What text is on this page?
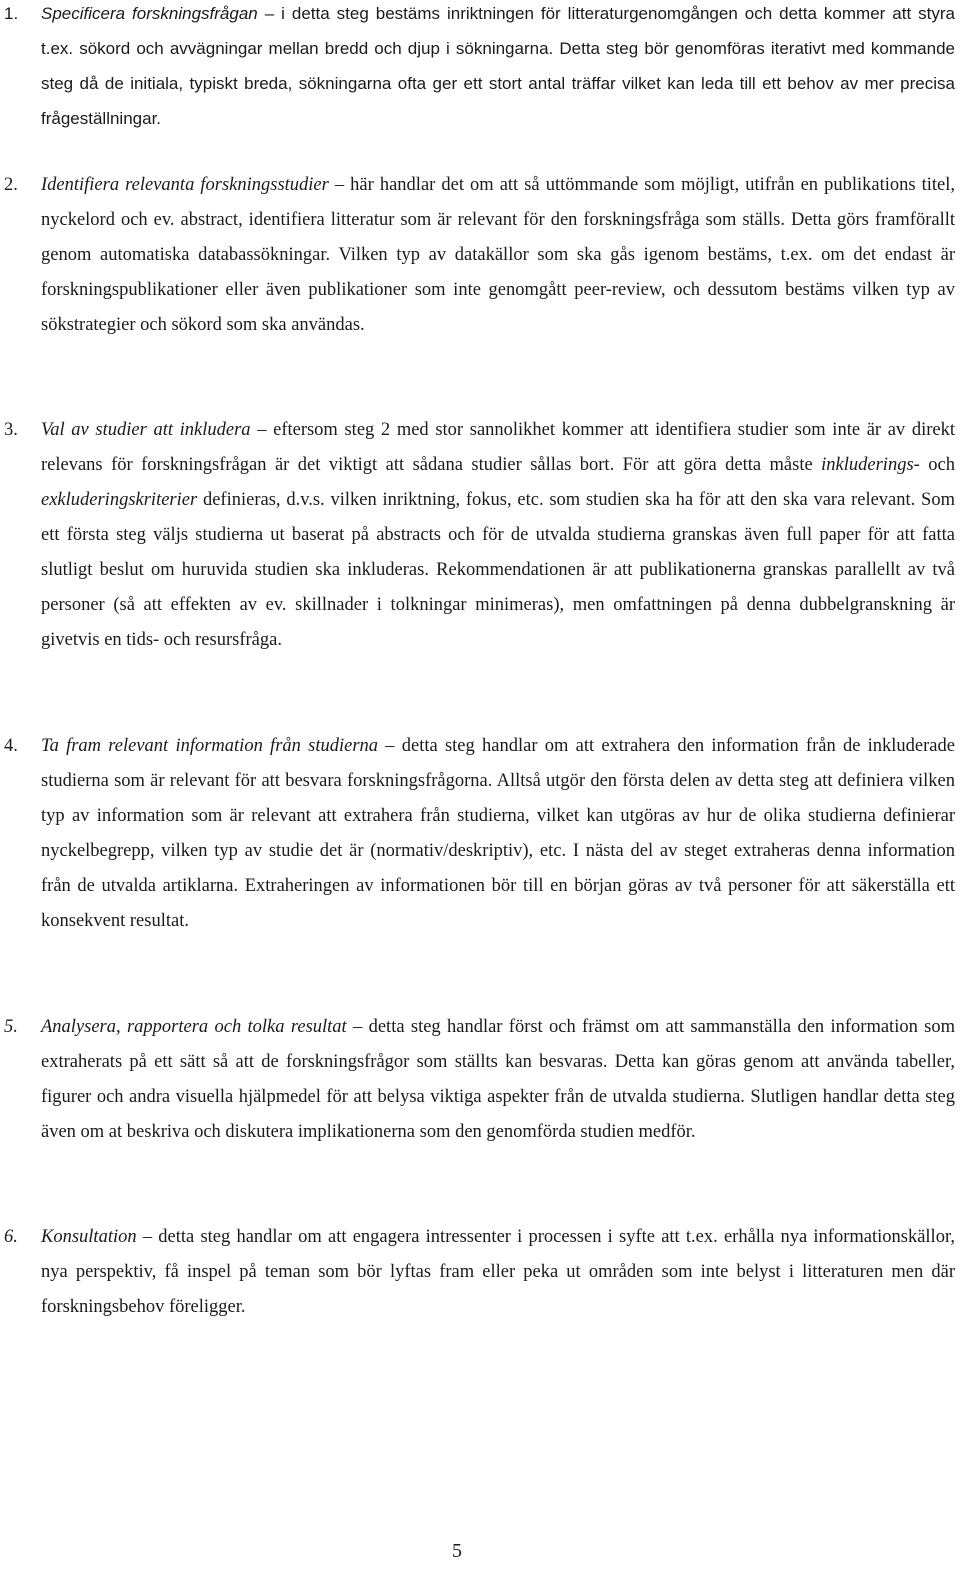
1. Specificera forskningsfrågan – i detta steg bestäms inriktningen för litteraturgenomgången och detta kommer att styra t.ex. sökord och avvägningar mellan bredd och djup i sökningarna. Detta steg bör genomföras iterativt med kommande steg då de initiala, typiskt breda, sökningarna ofta ger ett stort antal träffar vilket kan leda till ett behov av mer precisa frågeställningar.
2. Identifiera relevanta forskningsstudier – här handlar det om att så uttömmande som möjligt, utifrån en publikations titel, nyckelord och ev. abstract, identifiera litteratur som är relevant för den forskningsfråga som ställs. Detta görs framförallt genom automatiska databassökningar. Vilken typ av datakällor som ska gås igenom bestäms, t.ex. om det endast är forskningspublikationer eller även publikationer som inte genomgått peer-review, och dessutom bestäms vilken typ av sökstrategier och sökord som ska användas.
3. Val av studier att inkludera – eftersom steg 2 med stor sannolikhet kommer att identifiera studier som inte är av direkt relevans för forskningsfrågan är det viktigt att sådana studier sållas bort. För att göra detta måste inkluderings- och exkluderingskriterier definieras, d.v.s. vilken inriktning, fokus, etc. som studien ska ha för att den ska vara relevant. Som ett första steg väljs studierna ut baserat på abstracts och för de utvalda studierna granskas även full paper för att fatta slutligt beslut om huruvida studien ska inkluderas. Rekommendationen är att publikationerna granskas parallellt av två personer (så att effekten av ev. skillnader i tolkningar minimeras), men omfattningen på denna dubbelgranskning är givetvis en tids- och resursfråga.
4. Ta fram relevant information från studierna – detta steg handlar om att extrahera den information från de inkluderade studierna som är relevant för att besvara forskningsfrågorna. Alltså utgör den första delen av detta steg att definiera vilken typ av information som är relevant att extrahera från studierna, vilket kan utgöras av hur de olika studierna definierar nyckelbegrepp, vilken typ av studie det är (normativ/deskriptiv), etc. I nästa del av steget extraheras denna information från de utvalda artiklarna. Extraheringen av informationen bör till en början göras av två personer för att säkerställa ett konsekvent resultat.
5. Analysera, rapportera och tolka resultat – detta steg handlar först och främst om att sammanställa den information som extraherats på ett sätt så att de forskningsfrågor som ställts kan besvaras. Detta kan göras genom att använda tabeller, figurer och andra visuella hjälpmedel för att belysa viktiga aspekter från de utvalda studierna. Slutligen handlar detta steg även om at beskriva och diskutera implikationerna som den genomförda studien medför.
6. Konsultation – detta steg handlar om att engagera intressenter i processen i syfte att t.ex. erhålla nya informationskällor, nya perspektiv, få inspel på teman som bör lyftas fram eller peka ut områden som inte belyst i litteraturen men där forskningsbehov föreligger.
5
